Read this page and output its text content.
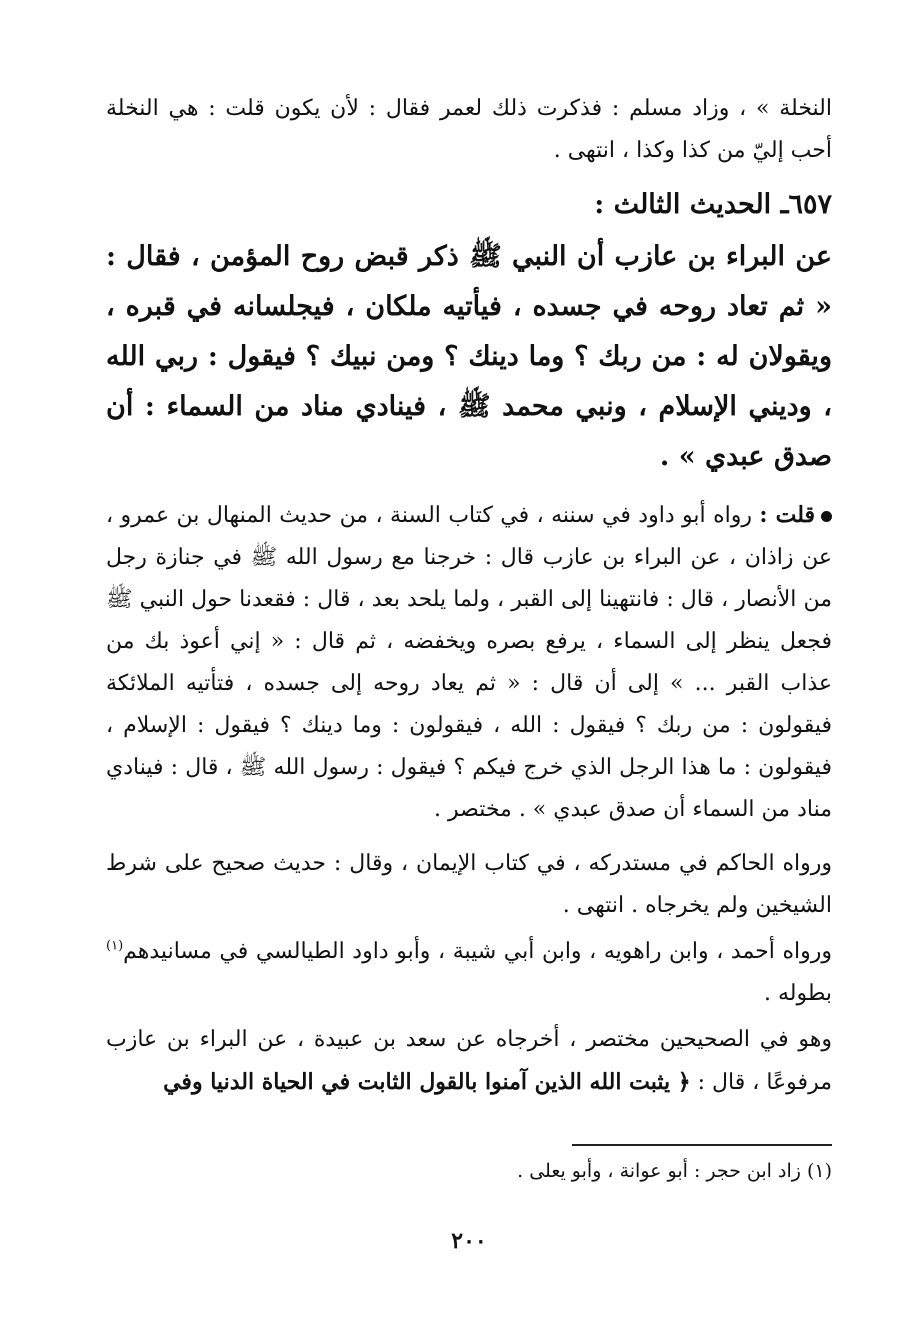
النخلة » ، وزاد مسلم : فذكرت ذلك لعمر فقال : لأن يكون قلت : هي النخلة أحب إليّ من كذا وكذا ، انتهى .

٦٥٧ـ الحديث الثالث :

عن البراء بن عازب أن النبي ﷺ ذكر قبض روح المؤمن ، فقال : « ثم تعاد روحه في جسده ، فيأتيه ملكان ، فيجلسانه في قبره ، ويقولان له : من ربك ؟ وما دينك ؟ ومن نبيك ؟ فيقول : ربي الله ، وديني الإسلام ، ونبي محمد ﷺ ، فينادي مناد من السماء : أن صدق عبدي » .

قلت : رواه أبو داود في سننه ، في كتاب السنة ، من حديث المنهال بن عمرو ، عن زاذان ، عن البراء بن عازب قال : خرجنا مع رسول الله ﷺ في جنازة رجل من الأنصار ، قال : فانتهينا إلى القبر ، ولما يلحد بعد ، قال : فقعدنا حول النبي ﷺ فجعل ينظر إلى السماء ، يرفع بصره ويخفضه ، ثم قال : « إني أعوذ بك من عذاب القبر ... » إلى أن قال : « ثم يعاد روحه إلى جسده ، فتأتيه الملائكة فيقولون : من ربك ؟ فيقول : الله ، فيقولون : وما دينك ؟ فيقول : الإسلام ، فيقولون : ما هذا الرجل الذي خرج فيكم ؟ فيقول : رسول الله ﷺ ، قال : فينادي مناد من السماء أن صدق عبدي » . مختصر .

ورواه الحاكم في مستدركه ، في كتاب الإيمان ، وقال : حديث صحيح على شرط الشيخين ولم يخرجاه . انتهى .

ورواه أحمد ، وابن راهويه ، وابن أبي شيبة ، وأبو داود الطيالسي في مسانيدهم$^{(١)}$ بطوله .

وهو في الصحيحين مختصر ، أخرجاه عن سعد بن عبيدة ، عن البراء بن عازب مرفوعًا ، قال : ﴿ يثبت الله الذين آمنوا بالقول الثابت في الحياة الدنيا وفي

(١) زاد ابن حجر : أبو عوانة ، وأبو يعلى .
٢٠٠
